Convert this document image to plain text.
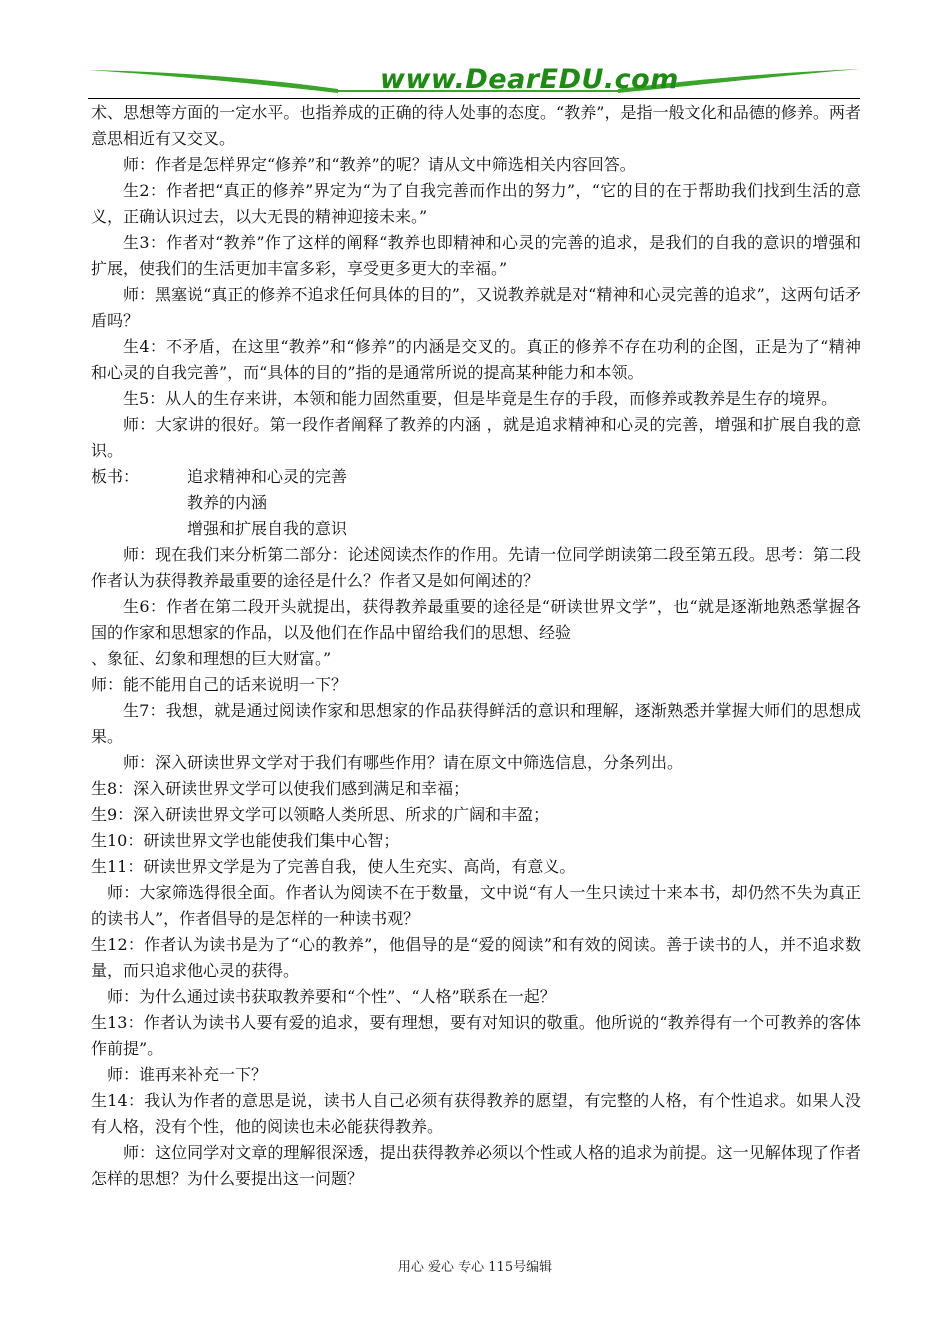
www.DearEDU.com

术、思想等方面的一定水平。也指养成的正确的待人处事的态度。“教养”，是指一般文化和品德的修养。两者意思相近有又交叉。

师：作者是怎样界定“修养”和“教养”的呢？请从文中筛选相关内容回答。

生2：作者把“真正的修养”界定为“为了自我完善而作出的努力”，“它的目的在于帮助我们找到生活的意义，正确认识过去，以大无畏的精神迎接未来。”

生3：作者对“教养”作了这样的阐释“教养也即精神和心灵的完善的追求，是我们的自我的意识的增强和扩展，使我们的生活更加丰富多彩，享受更多更大的幸福。”

师：黑塞说“真正的修养不追求任何具体的目的”，又说教养就是对“精神和心灵完善的追求”，这两句话矛盾吗？

生4：不矛盾，在这里“教养”和“修养”的内涵是交叉的。真正的修养不存在功利的企图，正是为了“精神和心灵的自我完善”，而“具体的目的”指的是通常所说的提高某种能力和本领。

生5：从人的生存来讲，本领和能力固然重要，但是毕竟是生存的手段，而修养或教养是生存的境界。

师：大家讲的很好。第一段作者阐释了教养的内涵 ，就是追求精神和心灵的完善，增强和扩展自我的意识。

板书：	追求精神和心灵的完善
教养的内涵
增强和扩展自我的意识

师：现在我们来分析第二部分：论述阅读杰作的作用。先请一位同学朗读第二段至第五段。思考：第二段作者认为获得教养最重要的途径是什么？作者又是如何阐述的？

生6：作者在第二段开头就提出，获得教养最重要的途径是“研读世界文学”，也“就是逐渐地熟悉掌握各国的作家和思想家的作品，以及他们在作品中留给我们的思想、经验

、象征、幻象和理想的巨大财富。”

师：能不能用自己的话来说明一下？

生7：我想，就是通过阅读作家和思想家的作品获得鲜活的意识和理解，逐渐熟悉并掌握大师们的思想成果。

师：深入研读世界文学对于我们有哪些作用？请在原文中筛选信息，分条列出。

生8：深入研读世界文学可以使我们感到满足和幸福；

生9：深入研读世界文学可以领略人类所思、所求的广阔和丰盈；

生10：研读世界文学也能使我们集中心智；

生11：研读世界文学是为了完善自我，使人生充实、高尚，有意义。

师：大家筛选得很全面。作者认为阅读不在于数量，文中说“有人一生只读过十来本书，却仍然不失为真正的读书人”，作者倡导的是怎样的一种读书观？

生12：作者认为读书是为了“心的教养”，他倡导的是“爱的阅读”和有效的阅读。善于读书的人，并不追求数量，而只追求他心灵的获得。

师：为什么通过读书获取教养要和“个性”、“人格”联系在一起？

生13：作者认为读书人要有爱的追求，要有理想，要有对知识的敬重。他所说的“教养得有一个可教养的客体作前提”。

师：谁再来补充一下？

生14：我认为作者的意思是说，读书人自己必须有获得教养的愿望，有完整的人格，有个性追求。如果人没有人格，没有个性，他的阅读也未必能获得教养。

师：这位同学对文章的理解很深透，提出获得教养必须以个性或人格的追求为前提。这一见解体现了作者怎样的思想？为什么要提出这一问题？

用心 爱心 专心 115号编辑
